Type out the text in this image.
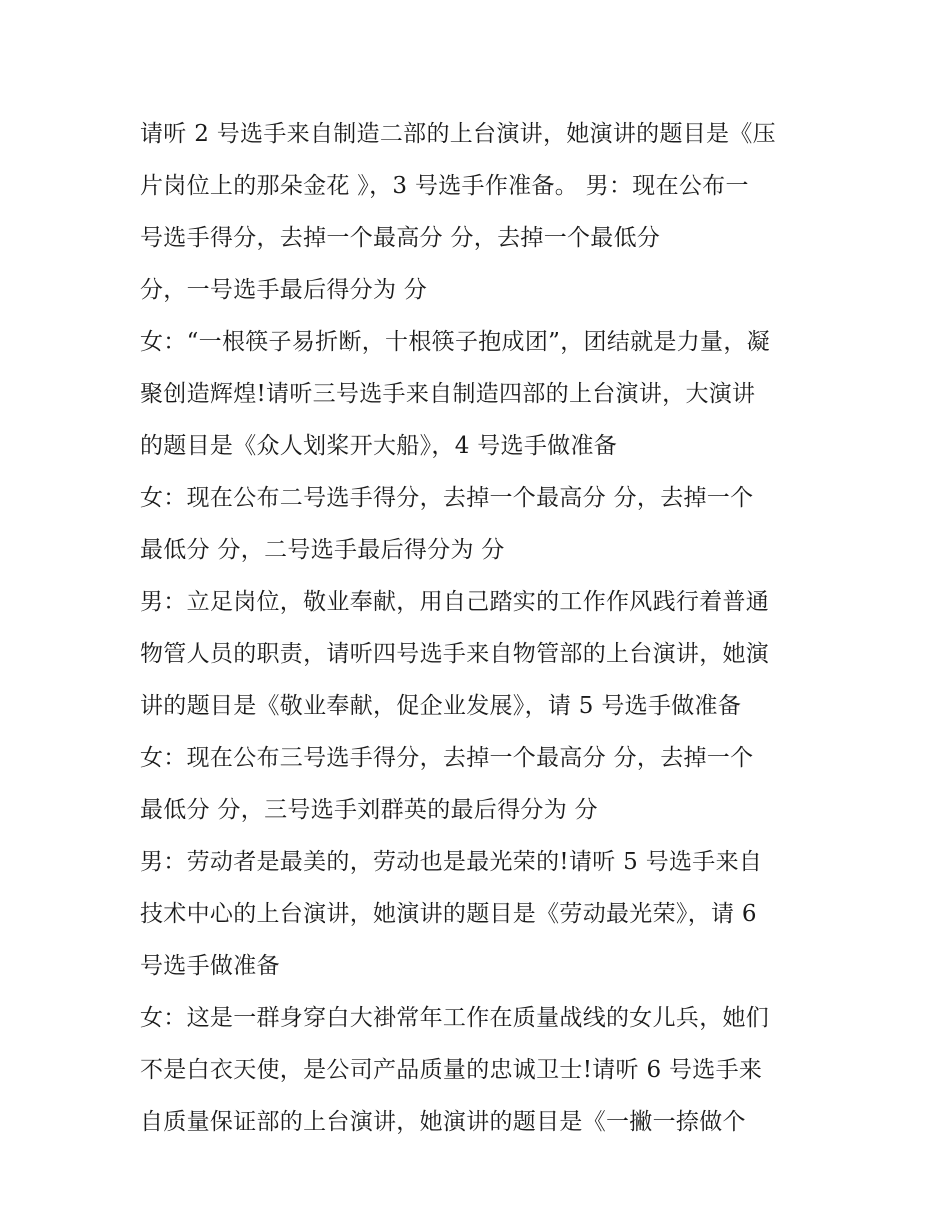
请听 2 号选手来自制造二部的上台演讲，她演讲的题目是《压
片岗位上的那朵金花 》，3 号选手作准备。 男：现在公布一
号选手得分，去掉一个最高分 分，去掉一个最低分
分，一号选手最后得分为 分
女：“一根筷子易折断，十根筷子抱成团”，团结就是力量，凝
聚创造辉煌!请听三号选手来自制造四部的上台演讲，大演讲
的题目是《众人划桨开大船》，4 号选手做准备
女：现在公布二号选手得分，去掉一个最高分 分，去掉一个
最低分 分，二号选手最后得分为 分
男：立足岗位，敬业奉献，用自己踏实的工作作风践行着普通
物管人员的职责，请听四号选手来自物管部的上台演讲，她演
讲的题目是《敬业奉献，促企业发展》，请 5 号选手做准备
女：现在公布三号选手得分，去掉一个最高分 分，去掉一个
最低分 分，三号选手刘群英的最后得分为 分
男：劳动者是最美的，劳动也是最光荣的!请听 5 号选手来自
技术中心的上台演讲，她演讲的题目是《劳动最光荣》，请 6
号选手做准备
女：这是一群身穿白大褂常年工作在质量战线的女儿兵，她们
不是白衣天使，是公司产品质量的忠诚卫士!请听 6 号选手来
自质量保证部的上台演讲，她演讲的题目是《一撇一捺做个
